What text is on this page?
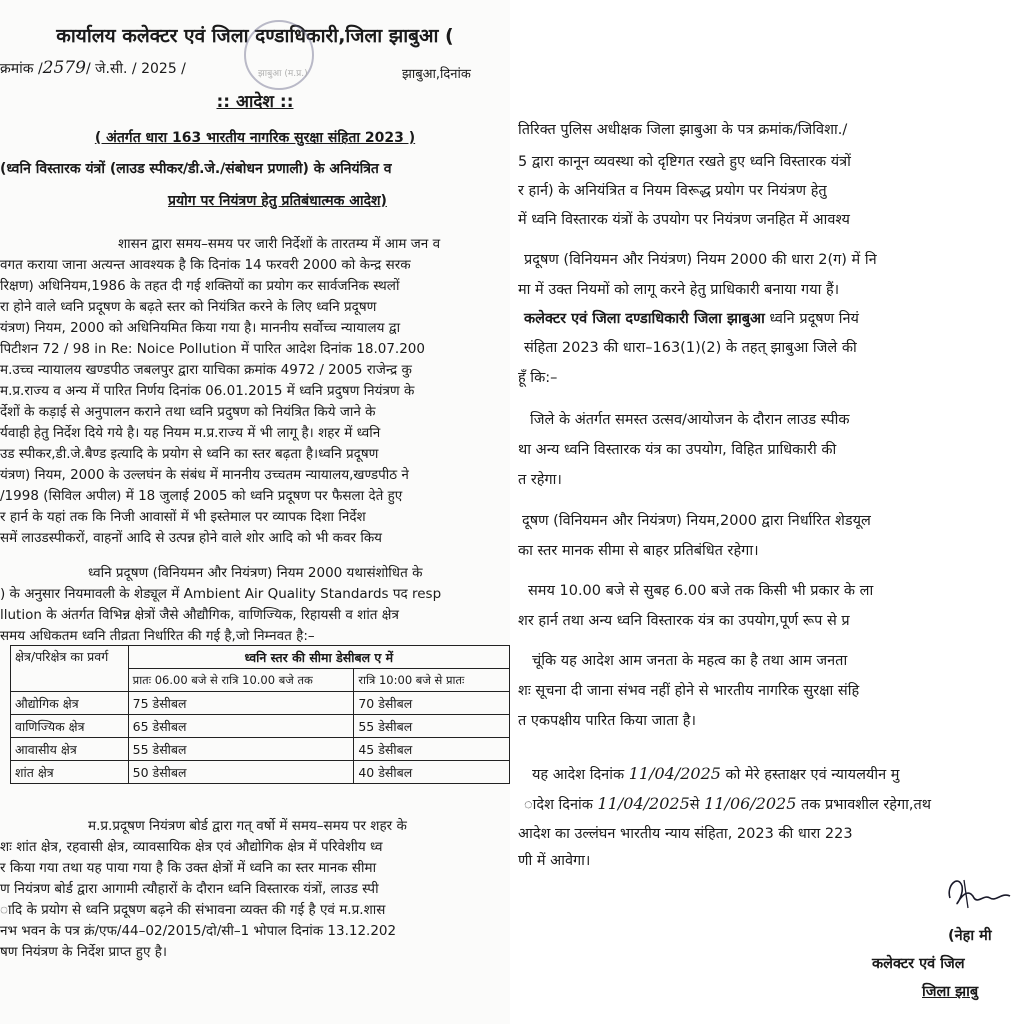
कार्यालय कलेक्टर एवं जिला दण्डाधिकारी,जिला झाबुआ (
क्रमांक /2579/ जे.सी. / 2025 /	झाबुआ (म.प्र.)	झाबुआ,दिनांक
:: आदेश ::
( अंतर्गत धारा 163 भारतीय नागरिक सुरक्षा संहिता 2023 )
(ध्वनि विस्तारक यंत्रों (लाउड स्पीकर/डी.जे./संबोधन प्रणाली) के अनियंत्रित व
प्रयोग पर नियंत्रण हेतु प्रतिबंधात्मक आदेश)
शासन द्वारा समय–समय पर जारी निर्देशों के तारतम्य में आम जन व
वगत कराया जाना अत्यन्त आवश्यक है कि दिनांक 14 फरवरी 2000 को केन्द्र सरक
रिक्षण) अधिनियम,1986 के तहत दी गई शक्तियों का प्रयोग कर सार्वजनिक स्थलों
रा होने वाले ध्वनि प्रदूषण के बढ़ते स्तर को नियंत्रित करने के लिए ध्वनि प्रदूषण
यंत्रण) नियम, 2000 को अधिनियमित किया गया है। माननीय सर्वोच्च न्यायालय द्वा
पिटीशन 72 / 98 in Re: Noice Pollution में पारित आदेश दिनांक 18.07.200
म.उच्च न्यायालय खण्डपीठ जबलपुर द्वारा याचिका क्रमांक 4972 / 2005 राजेन्द्र कु
म.प्र.राज्य व अन्य में पारित निर्णय दिनांक 06.01.2015 में ध्वनि प्रदुषण नियंत्रण के
र्देशों के कड़ाई से अनुपालन कराने तथा ध्वनि प्रदुषण को नियंत्रित किये जाने के
र्यवाही हेतु निर्देश दिये गये है। यह नियम म.प्र.राज्य में भी लागू है। शहर में ध्वनि
उड स्पीकर,डी.जे.बैण्ड इत्यादि के प्रयोग से ध्वनि का स्तर बढ़ता है।ध्वनि प्रदूषण
यंत्रण) नियम, 2000 के उल्लघंन के संबंध में माननीय उच्चतम न्यायालय,खण्डपीठ ने
/1998 (सिविल अपील) में 18 जुलाई 2005 को ध्वनि प्रदूषण पर फैसला देते हुए
र हार्न के यहां तक कि निजी आवासों में भी इस्तेमाल पर व्यापक दिशा निर्देश
समें लाउडस्पीकरों, वाहनों आदि से उत्पन्न होने वाले शोर आदि को भी कवर किय
ध्वनि प्रदूषण (विनियमन और नियंत्रण) नियम 2000 यथासंशोधित के
) के अनुसार नियमावली के शेड्यूल में Ambient Air Quality Standards पद resp
llution के अंतर्गत विभिन्न क्षेत्रों जैसे औद्यौगिक, वाणिज्यिक, रिहायसी व शांत क्षेत्र
समय अधिकतम ध्वनि तीव्रता निर्धारित की गई है,जो निम्नवत है:–
क्षेत्र/परिक्षेत्र का प्रवर्ग	ध्वनि स्तर की सीमा डेसीबल ए में	
	प्रातः 06.00 बजे से रात्रि 10.00 बजे तक	रात्रि 10:00 बजे से प्रातः
औद्योगिक क्षेत्र	75 डेसीबल	70 डेसीबल
वाणिज्यिक क्षेत्र	65 डेसीबल	55 डेसीबल
आवासीय क्षेत्र	55 डेसीबल	45 डेसीबल
शांत क्षेत्र	50 डेसीबल	40 डेसीबल
म.प्र.प्रदूषण नियंत्रण बोर्ड द्वारा गत् वर्षो में समय–समय पर शहर के
शः शांत क्षेत्र, रहवासी क्षेत्र, व्यावसायिक क्षेत्र एवं औद्योगिक क्षेत्र में परिवेशीय ध्व
र किया गया तथा यह पाया गया है कि उक्त क्षेत्रों में ध्वनि का स्तर मानक सीमा
ण नियंत्रण बोर्ड द्वारा आगामी त्यौहारों के दौरान ध्वनि विस्तारक यंत्रों, लाउड स्पी
ादि के प्रयोग से ध्वनि प्रदूषण बढ़ने की संभावना व्यक्त की गई है एवं म.प्र.शास
नभ भवन के पत्र क्रं/एफ/44–02/2015/दो/सी–1 भोपाल दिनांक 13.12.202
षण नियंत्रण के निर्देश प्राप्त हुए है।
तिरिक्त पुलिस अधीक्षक जिला झाबुआ के पत्र क्रमांक/जिविशा./
5 द्वारा कानून व्यवस्था को दृष्टिगत रखते हुए ध्वनि विस्तारक यंत्रों
र हार्न) के अनियंत्रित व नियम विरूद्ध प्रयोग पर नियंत्रण हेतु
में ध्वनि विस्तारक यंत्रों के उपयोग पर नियंत्रण जनहित में आवश्य
प्रदूषण (विनियमन और नियंत्रण) नियम 2000 की धारा 2(ग) में नि
मा में उक्त नियमों को लागू करने हेतु प्राधिकारी बनाया गया हैं।
कलेक्टर एवं जिला दण्डाधिकारी जिला झाबुआ ध्वनि प्रदूषण नियं
संहिता 2023 की धारा–163(1)(2) के तहत् झाबुआ जिले की
हूँ कि:–
जिले के अंतर्गत समस्त उत्सव/आयोजन के दौरान लाउड स्पीक
था अन्य ध्वनि विस्तारक यंत्र का उपयोग, विहित प्राधिकारी की
त रहेगा।
दूषण (विनियमन और नियंत्रण) नियम,2000 द्वारा निर्धारित शेडयूल
का स्तर मानक सीमा से बाहर प्रतिबंधित रहेगा।
समय 10.00 बजे से सुबह 6.00 बजे तक किसी भी प्रकार के ला
शर हार्न तथा अन्य ध्वनि विस्तारक यंत्र का उपयोग,पूर्ण रूप से प्र
चूंकि यह आदेश आम जनता के महत्व का है तथा आम जनता
शः सूचना दी जाना संभव नहीं होने से भारतीय नागरिक सुरक्षा संहि
त एकपक्षीय पारित किया जाता है।
यह आदेश दिनांक 11/04/2025 को मेरे हस्ताक्षर एवं न्यायलयीन मु
ादेश दिनांक 11/04/2025से 11/06/2025 तक प्रभावशील रहेगा,तथ
आदेश का उल्लंघन भारतीय न्याय संहिता, 2023 की धारा 223
णी में आवेगा।
(नेहा मी
कलेक्टर एवं जिल
जिला झाबु
